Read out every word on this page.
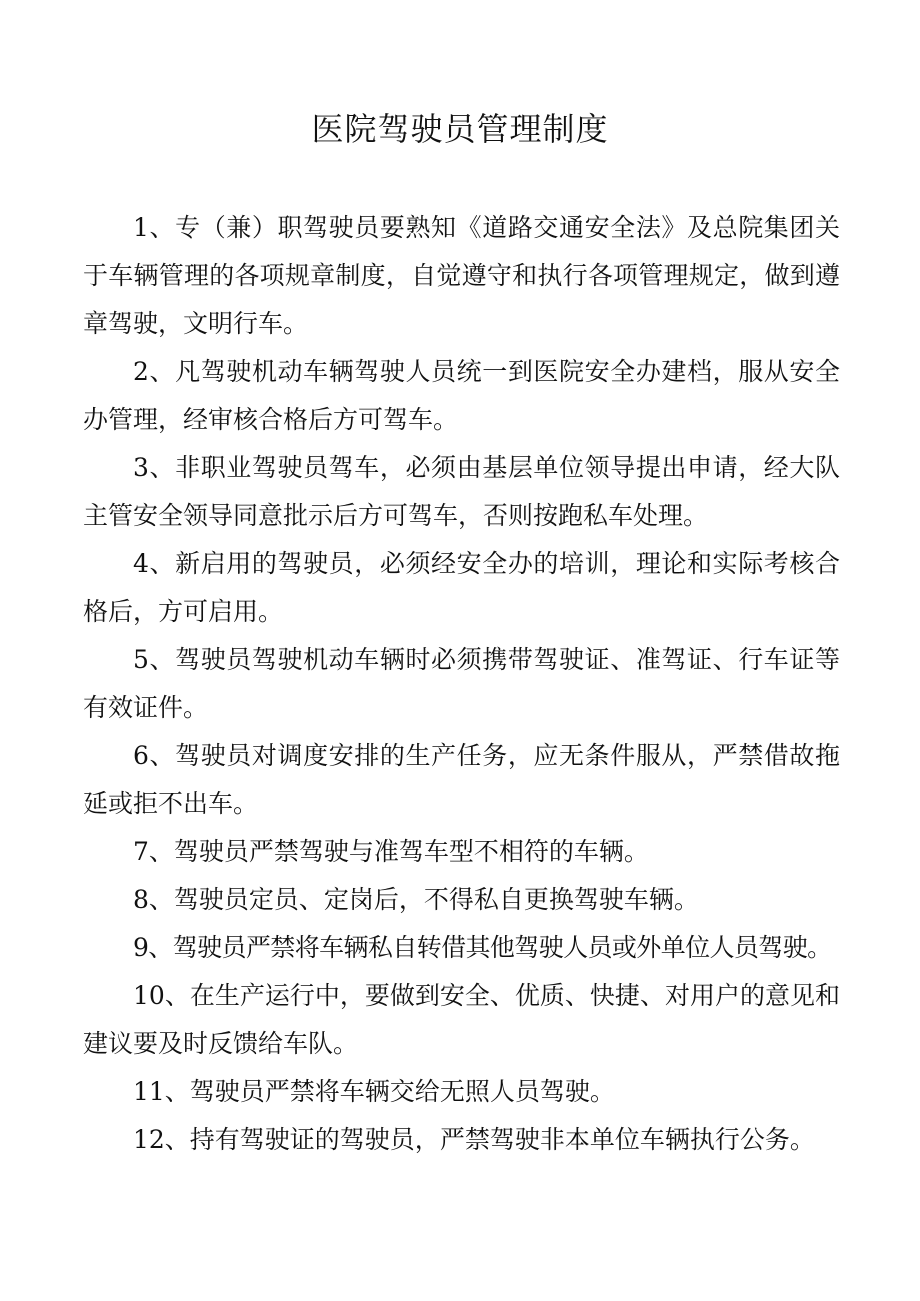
医院驾驶员管理制度

1、专（兼）职驾驶员要熟知《道路交通安全法》及总院集团关于车辆管理的各项规章制度，自觉遵守和执行各项管理规定，做到遵章驾驶，文明行车。

2、凡驾驶机动车辆驾驶人员统一到医院安全办建档，服从安全办管理，经审核合格后方可驾车。

3、非职业驾驶员驾车，必须由基层单位领导提出申请，经大队主管安全领导同意批示后方可驾车，否则按跑私车处理。

4、新启用的驾驶员，必须经安全办的培训，理论和实际考核合格后，方可启用。

5、驾驶员驾驶机动车辆时必须携带驾驶证、准驾证、行车证等有效证件。

6、驾驶员对调度安排的生产任务，应无条件服从，严禁借故拖延或拒不出车。

7、驾驶员严禁驾驶与准驾车型不相符的车辆。

8、驾驶员定员、定岗后，不得私自更换驾驶车辆。

9、驾驶员严禁将车辆私自转借其他驾驶人员或外单位人员驾驶。

10、在生产运行中，要做到安全、优质、快捷、对用户的意见和建议要及时反馈给车队。

11、驾驶员严禁将车辆交给无照人员驾驶。

12、持有驾驶证的驾驶员，严禁驾驶非本单位车辆执行公务。
